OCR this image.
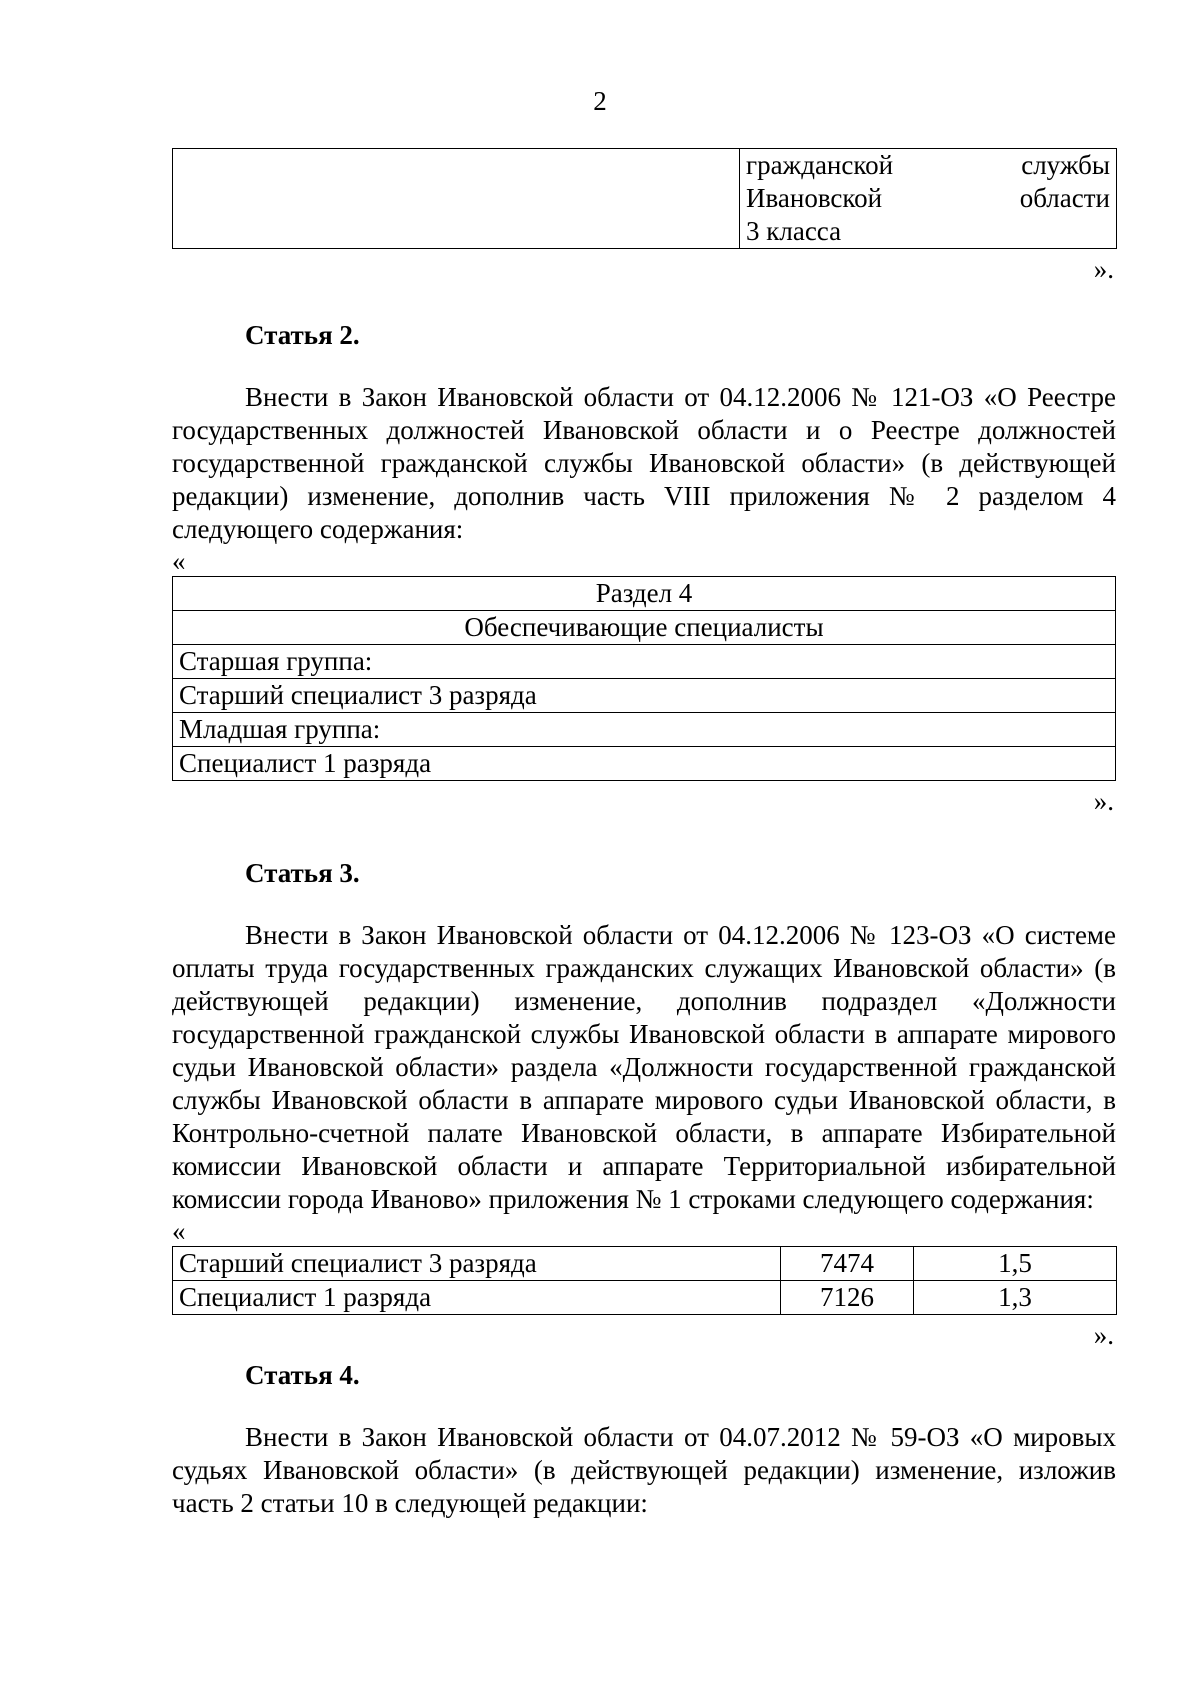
2

гражданской службы
Ивановской области
3 класса
».
Статья 2.
Внести в Закон Ивановской области от 04.12.2006 № 121-ОЗ «О Реестре государственных должностей Ивановской области и о Реестре должностей государственной гражданской службы Ивановской области» (в действующей редакции) изменение, дополнив часть VIII приложения № 2 разделом 4 следующего содержания:
«
Раздел 4
Обеспечивающие специалисты
Старшая группа:
Старший специалист 3 разряда
Младшая группа:
Специалист 1 разряда
».
Статья 3.
Внести в Закон Ивановской области от 04.12.2006 № 123-ОЗ «О системе оплаты труда государственных гражданских служащих Ивановской области» (в действующей редакции) изменение, дополнив подраздел «Должности государственной гражданской службы Ивановской области в аппарате мирового судьи Ивановской области» раздела «Должности государственной гражданской службы Ивановской области в аппарате мирового судьи Ивановской области, в Контрольно-счетной палате Ивановской области, в аппарате Избирательной комиссии Ивановской области и аппарате Территориальной избирательной комиссии города Иваново» приложения № 1 строками следующего содержания:
«
Старший специалист 3 разряда	7474	1,5
Специалист 1 разряда	7126	1,3
».
Статья 4.
Внести в Закон Ивановской области от 04.07.2012 № 59-ОЗ «О мировых судьях Ивановской области» (в действующей редакции) изменение, изложив часть 2 статьи 10 в следующей редакции:
